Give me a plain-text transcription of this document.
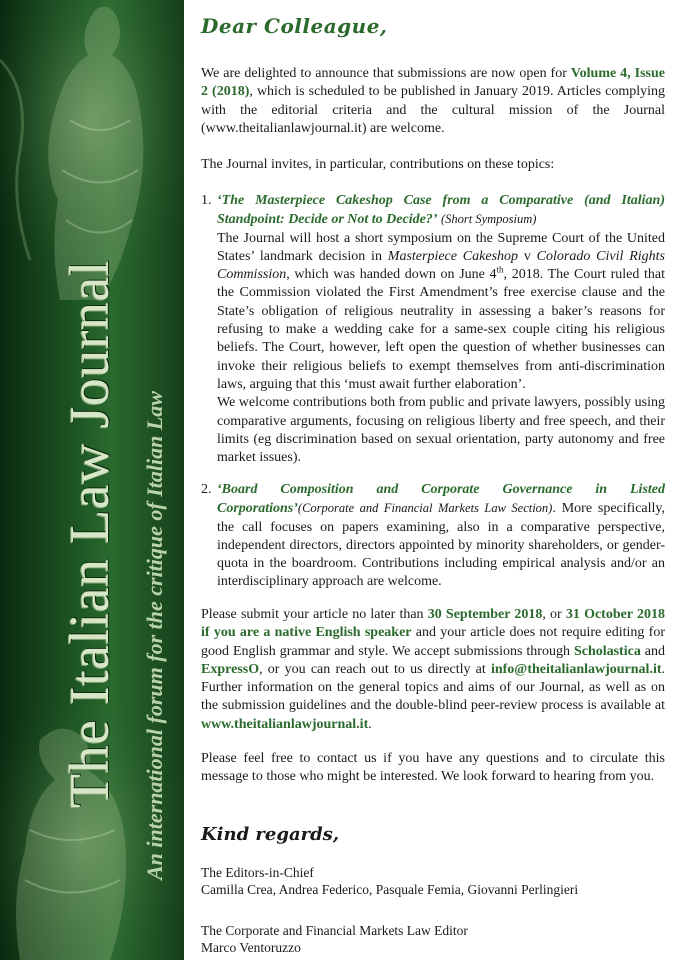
The Italian Law Journal An international forum for the critique of Italian Law
Dear Colleague,
We are delighted to announce that submissions are now open for Volume 4, Issue 2 (2018), which is scheduled to be published in January 2019. Articles complying with the editorial criteria and the cultural mission of the Journal (www.theitalianlawjournal.it) are welcome.
The Journal invites, in particular, contributions on these topics:
1. ‘The Masterpiece Cakeshop Case from a Comparative (and Italian) Standpoint: Decide or Not to Decide?’ (Short Symposium)
The Journal will host a short symposium on the Supreme Court of the United States’ landmark decision in Masterpiece Cakeshop v Colorado Civil Rights Commission, which was handed down on June 4th, 2018. The Court ruled that the Commission violated the First Amendment’s free exercise clause and the State’s obligation of religious neutrality in assessing a baker’s reasons for refusing to make a wedding cake for a same-sex couple citing his religious beliefs. The Court, however, left open the question of whether businesses can invoke their religious beliefs to exempt themselves from anti-discrimination laws, arguing that this ‘must await further elaboration’.
We welcome contributions both from public and private lawyers, possibly using comparative arguments, focusing on religious liberty and free speech, and their limits (eg discrimination based on sexual orientation, party autonomy and free market issues).
2. ‘Board Composition and Corporate Governance in Listed Corporations’(Corporate and Financial Markets Law Section). More specifically, the call focuses on papers examining, also in a comparative perspective, independent directors, directors appointed by minority shareholders, or gender-quota in the boardroom. Contributions including empirical analysis and/or an interdisciplinary approach are welcome.
Please submit your article no later than 30 September 2018, or 31 October 2018 if you are a native English speaker and your article does not require editing for good English grammar and style. We accept submissions through Scholastica and ExpressO, or you can reach out to us directly at info@theitalianlawjournal.it. Further information on the general topics and aims of our Journal, as well as on the submission guidelines and the double-blind peer-review process is available at www.theitalianlawjournal.it.
Please feel free to contact us if you have any questions and to circulate this message to those who might be interested. We look forward to hearing from you.
Kind regards,
The Editors-in-Chief
Camilla Crea, Andrea Federico, Pasquale Femia, Giovanni Perlingieri
The Corporate and Financial Markets Law Editor
Marco Ventoruzzo
